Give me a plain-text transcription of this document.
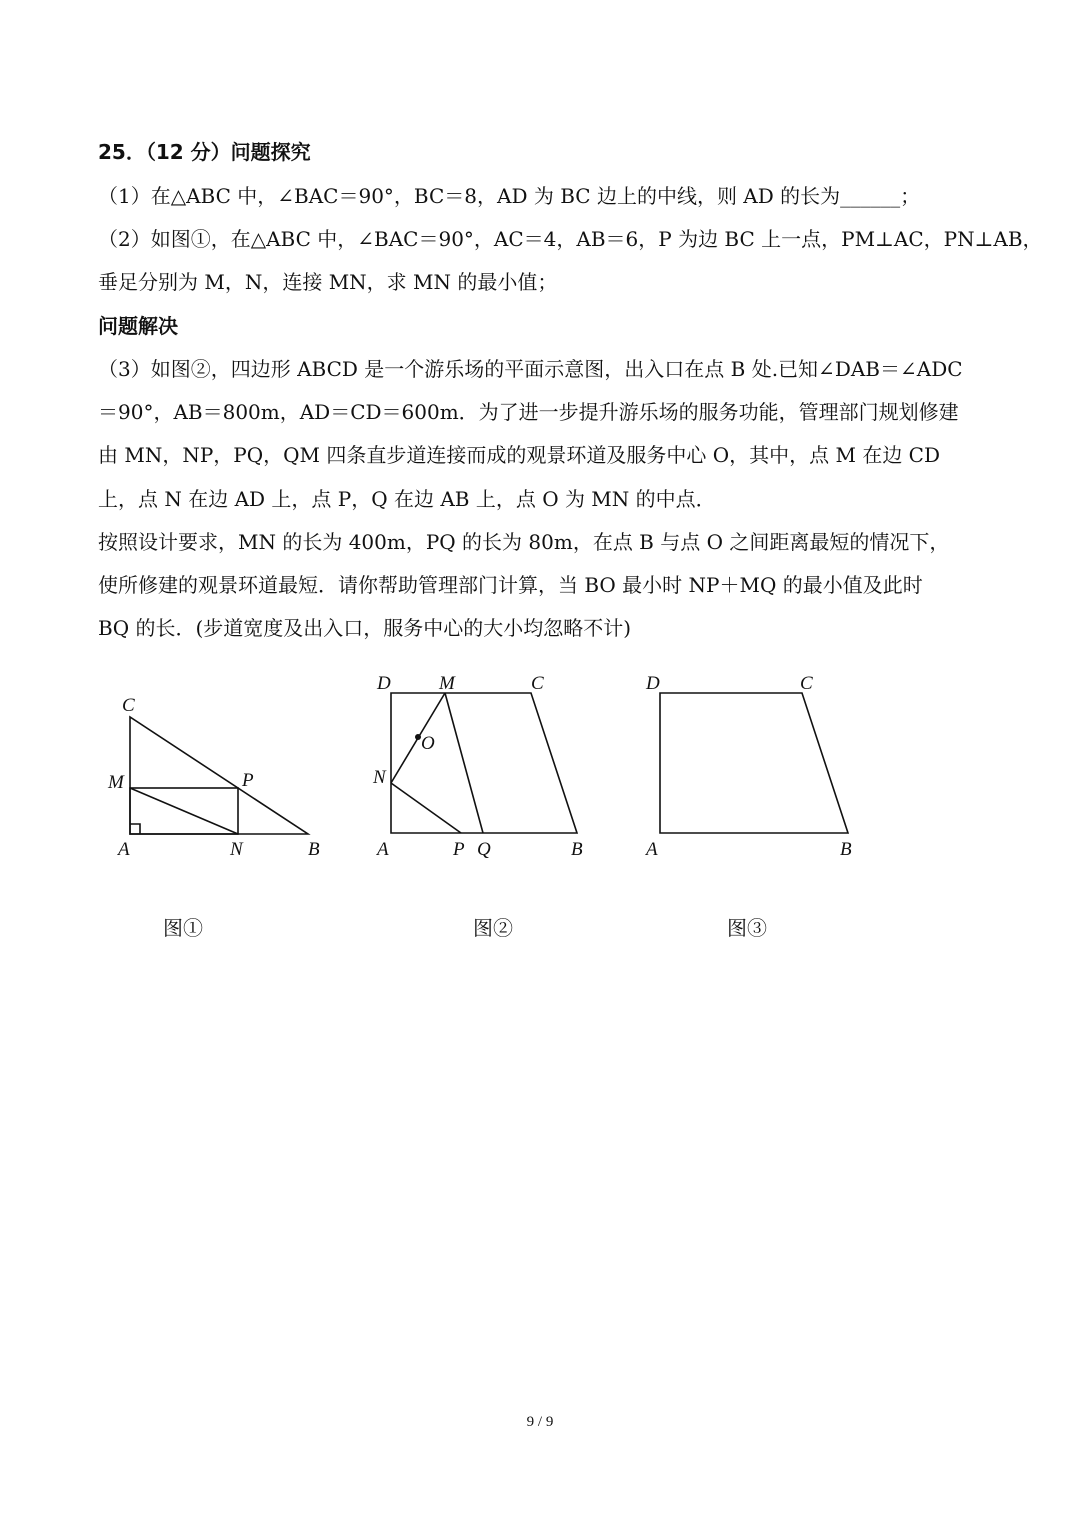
25．（12 分）问题探究
（1）在△ABC 中，∠BAC＝90°，BC＝8，AD 为 BC 边上的中线，则 AD 的长为______；
（2）如图①，在△ABC 中，∠BAC＝90°，AC＝4，AB＝6，P 为边 BC 上一点，PM⊥AC，PN⊥AB，
垂足分别为 M，N，连接 MN，求 MN 的最小值；
问题解决
（3）如图②，四边形 ABCD 是一个游乐场的平面示意图，出入口在点 B 处.已知∠DAB＝∠ADC
＝90°，AB＝800m，AD＝CD＝600m．为了进一步提升游乐场的服务功能，管理部门规划修建
由 MN，NP，PQ，QM 四条直步道连接而成的观景环道及服务中心 O，其中，点 M 在边 CD
上，点 N 在边 AD 上，点 P，Q 在边 AB 上，点 O 为 MN 的中点．
按照设计要求，MN 的长为 400m，PQ 的长为 80m，在点 B 与点 O 之间距离最短的情况下，
使所修建的观景环道最短．请你帮助管理部门计算，当 BO 最小时 NP＋MQ 的最小值及此时
BQ 的长．(步道宽度及出入口，服务中心的大小均忽略不计)
C
M	P
A	N	B
图①
D	M	C
O
N
A	P Q	B
图②
D	C
A	B
图③
9 / 9
